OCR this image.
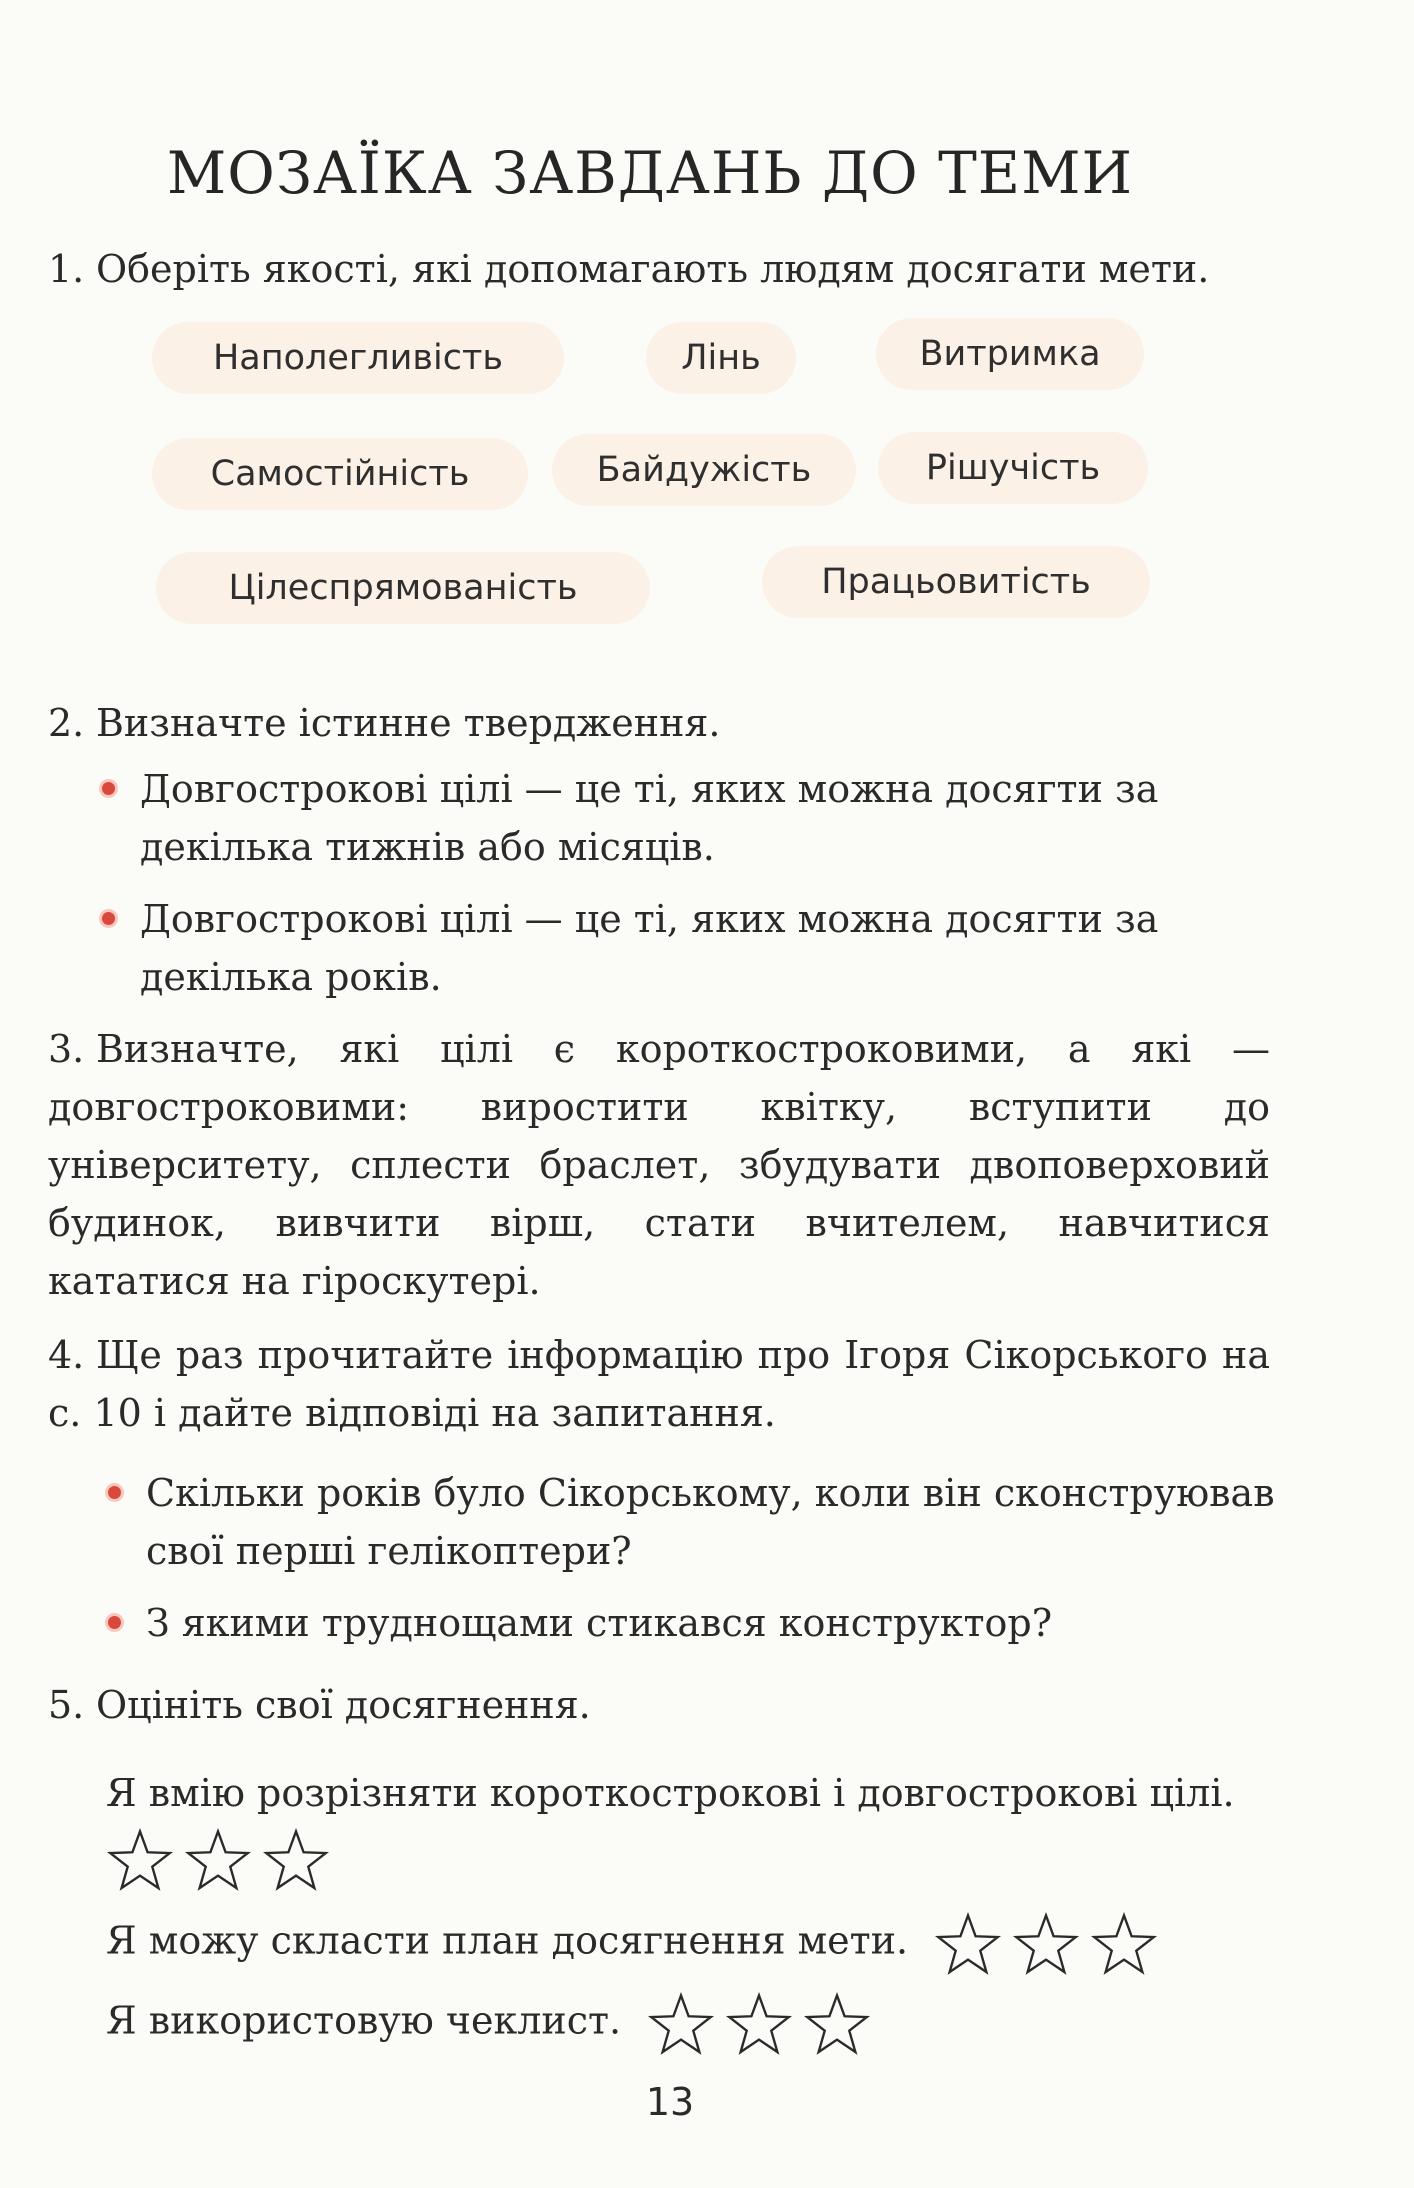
МОЗАЇКА ЗАВДАНЬ ДО ТЕМИ
1. Оберіть якості, які допомагають людям досягати мети.
Наполегливість	Лінь	Витримка
Самостійність	Байдужість	Рішучість
Цілеспрямованість	Працьовитість
2. Визначте істинне твердження.
Довгострокові цілі — це ті, яких можна досягти за декілька тижнів або місяців.
Довгострокові цілі — це ті, яких можна досягти за декілька років.
3. Визначте, які цілі є короткостроковими, а які — довгостроковими: виростити квітку, вступити до університету, сплести браслет, збудувати двоповерховий будинок, вивчити вірш, стати вчителем, навчитися кататися на гіроскутері.
4. Ще раз прочитайте інформацію про Ігоря Сікорського на с. 10 і дайте відповіді на запитання.
Скільки років було Сікорському, коли він сконструював свої перші гелікоптери?
З якими труднощами стикався конструктор?
5. Оцініть свої досягнення.
Я вмію розрізняти короткострокові і довгострокові цілі.
Я можу скласти план досягнення мети.
Я використовую чеклист.
13
